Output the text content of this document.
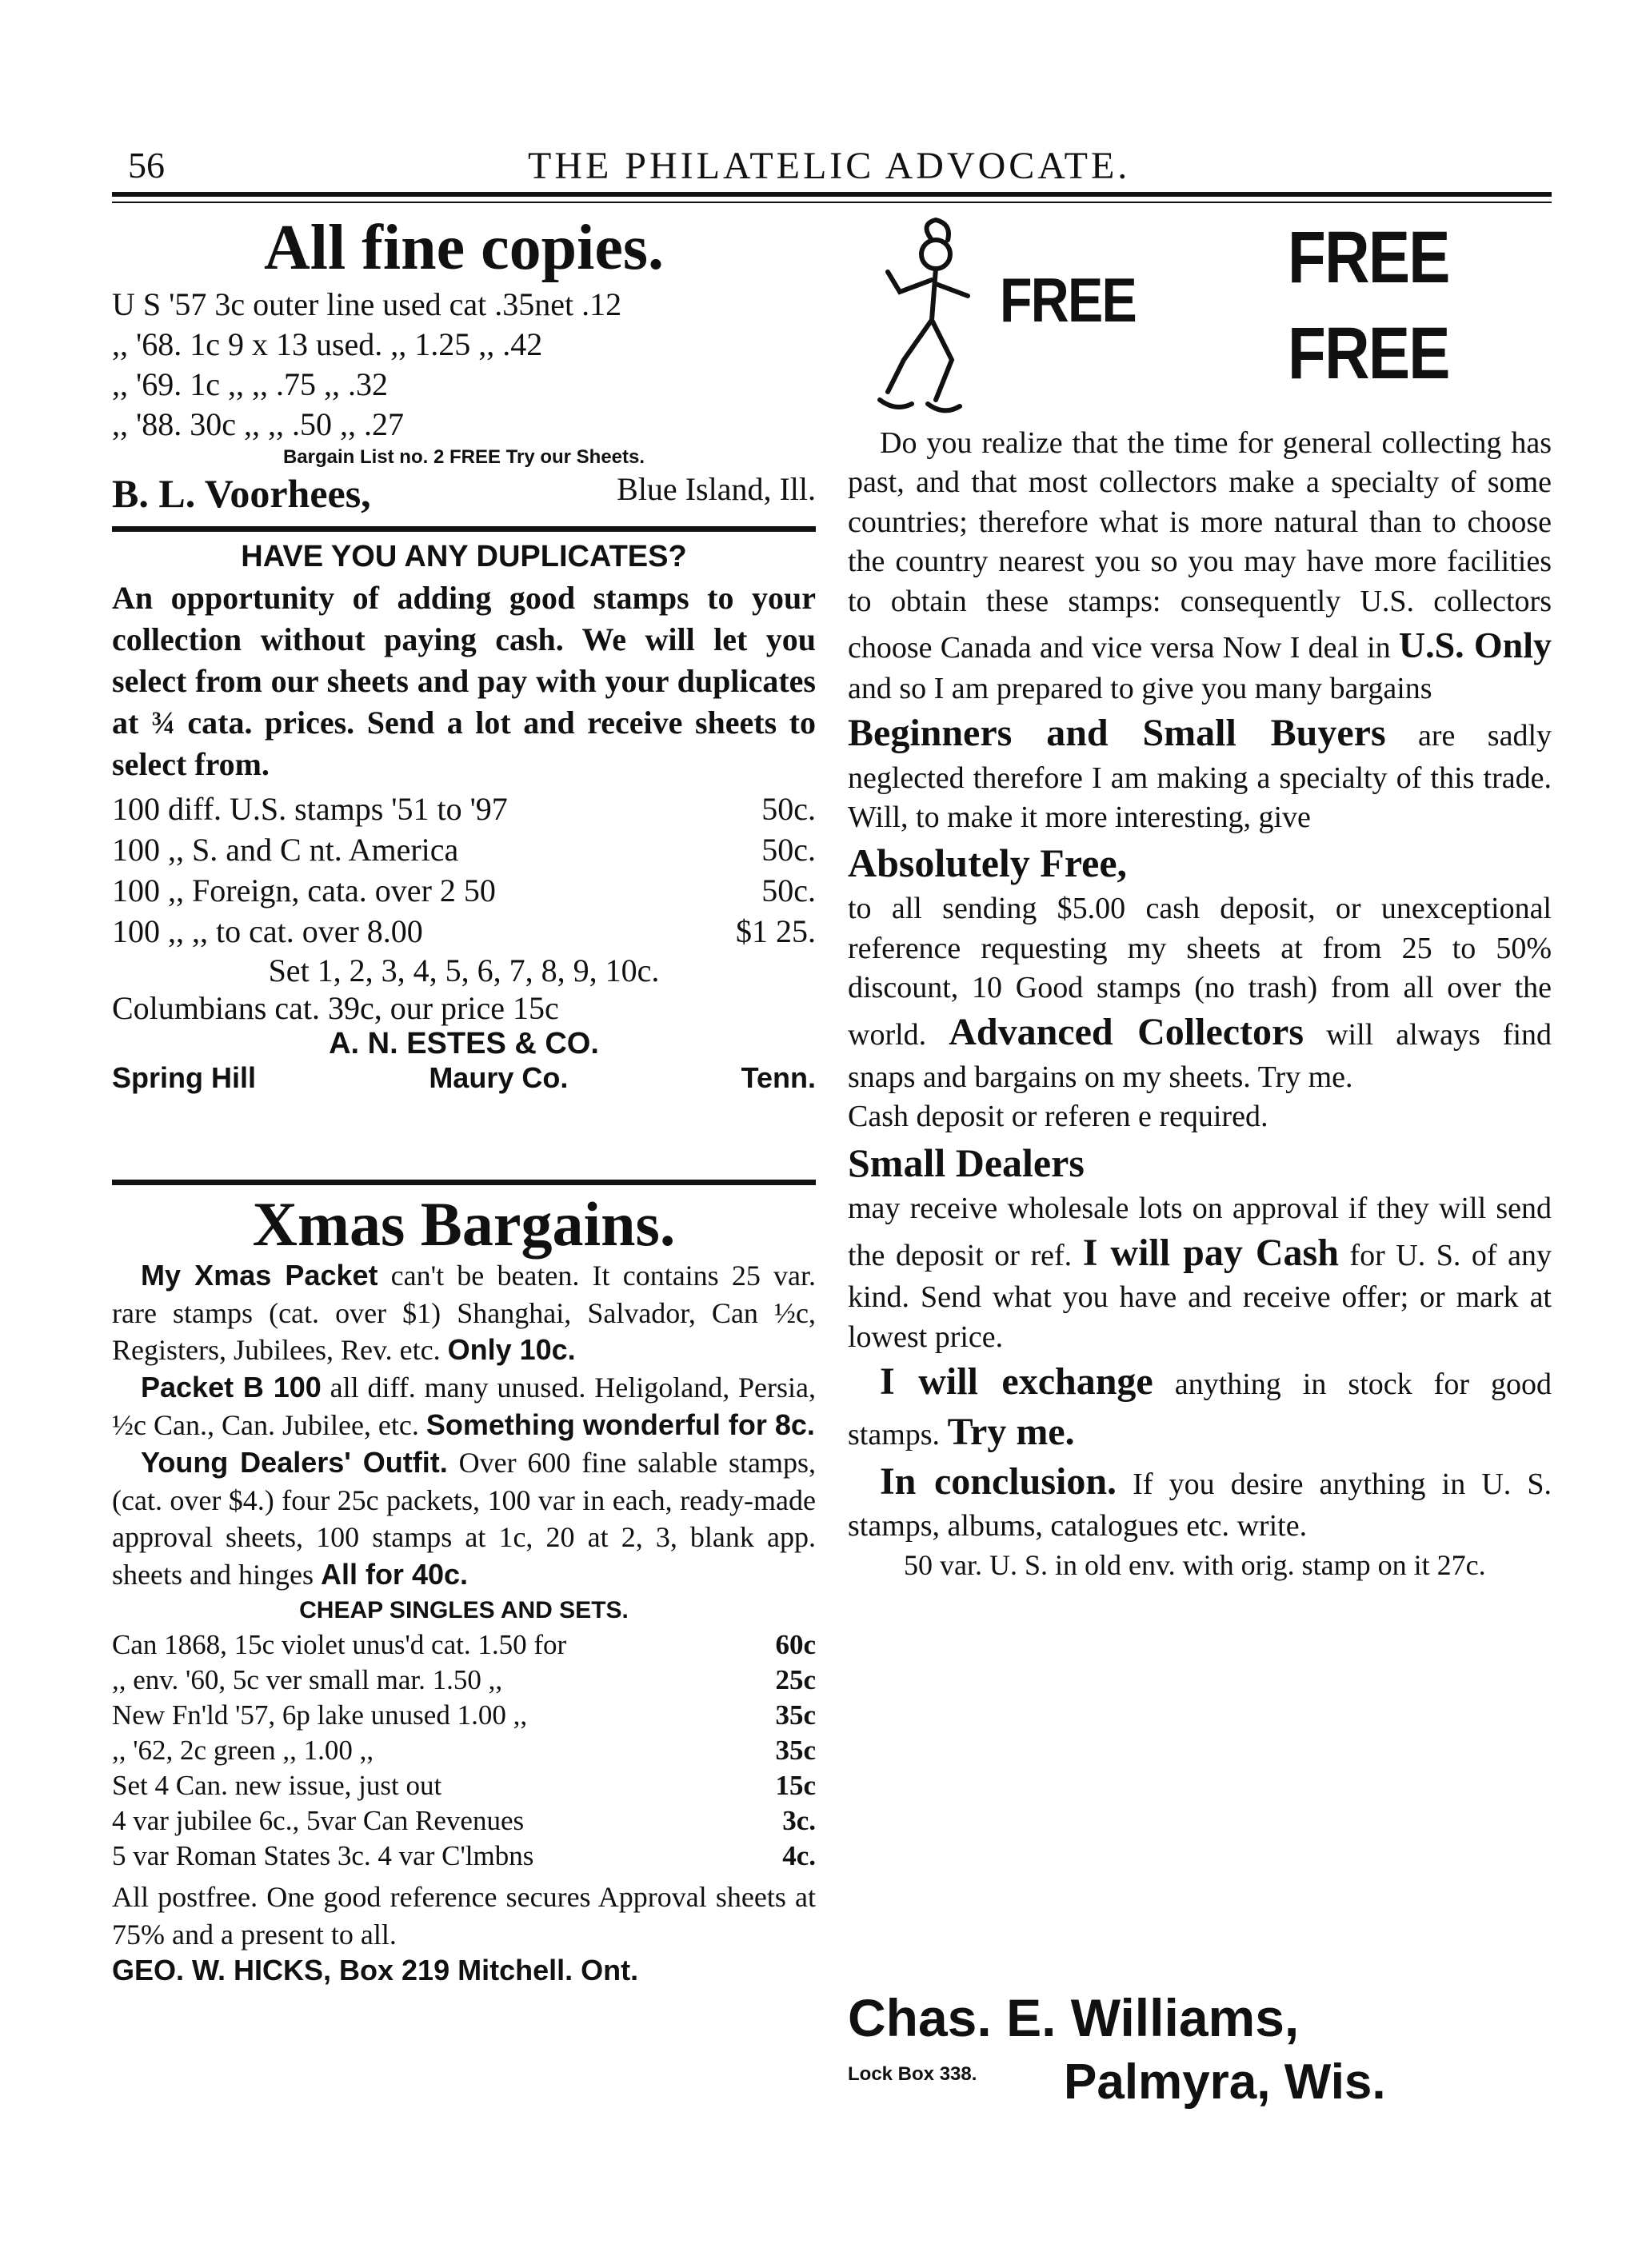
56	THE PHILATELIC ADVOCATE.
All fine copies.
U S '57 3c outer line used cat .35net .12
,, '68. 1c 9 x 13 used. ,, 1.25 ,, .42
,, '69. 1c ,, ,, .75 ,, .32
,, '88. 30c ,, ,, .50 ,, .27
Bargain List no. 2 FREE Try our Sheets.
B. L. Voorhees,	Blue Island, Ill.
HAVE YOU ANY DUPLICATES?

An opportunity of adding good stamps to your collection without paying cash. We will let you select from our sheets and pay with your duplicates at ¾ cata. prices. Send a lot and receive sheets to select from.

100 diff. U.S. stamps '51 to '97	50c.
100 ,, S. and C nt. America	50c.
100 ,, Foreign, cata. over 2 50	50c.
100 ,, ,, to cat. over 8.00	$1 25.
Set 1, 2, 3, 4, 5, 6, 7, 8, 9, 10c.
Columbians cat. 39c, our price 15c
A. N. ESTES & CO.
Spring Hill	Maury Co.	Tenn.
Xmas Bargains.

My Xmas Packet can't be beaten. It contains 25 var. rare stamps (cat. over $1) Shanghai, Salvador, Can ½c, Registers, Jubilees, Rev. etc. Only 10c.

Packet B 100 all diff. many unused. Heligoland, Persia, ½c Can., Can. Jubilee, etc. Something wonderful for 8c.

Young Dealers' Outfit. Over 600 fine salable stamps, (cat. over $4.) four 25c packets, 100 var in each, ready-made approval sheets, 100 stamps at 1c, 20 at 2, 3, blank app. sheets and hinges All for 40c.

CHEAP SINGLES AND SETS.
Can 1868, 15c violet unus'd cat. 1.50 for	60c
,, env. '60, 5c ver small mar. 1.50 ,,	25c
New Fn'ld '57, 6p lake unused 1.00 ,,	35c
,, '62, 2c green ,, 1.00 ,,	35c
Set 4 Can. new issue, just out	15c
4 var jubilee 6c., 5var Can Revenues	3c.
5 var Roman States 3c. 4 var C'lmbns	4c.

All postfree. One good reference secures Approval sheets at 75% and a present to all.

GEO. W. HICKS, Box 219 Mitchell. Ont.
FREE
FREE
FREE

Do you realize that the time for general collecting has past, and that most collectors make a specialty of some countries; therefore what is more natural than to choose the country nearest you so you may have more facilities to obtain these stamps: consequently U.S. collectors choose Canada and vice versa Now I deal in U.S. Only and so I am prepared to give you many bargains

Beginners and Small Buyers are sadly neglected therefore I am making a specialty of this trade. Will, to make it more interesting, give

Absolutely Free,

to all sending $5.00 cash deposit, or unexceptional reference requesting my sheets at from 25 to 50% discount, 10 Good stamps (no trash) from all over the world. Advanced Collectors will always find snaps and bargains on my sheets. Try me.

Cash deposit or referen e required.

Small Dealers

may receive wholesale lots on approval if they will send the deposit or ref. I will pay Cash for U. S. of any kind. Send what you have and receive offer; or mark at lowest price.

I will exchange anything in stock for good stamps. Try me.

In conclusion. If you desire anything in U. S. stamps, albums, catalogues etc. write.

50 var. U. S. in old env. with orig. stamp on it 27c.

Chas. E. Williams,
Lock Box 338. Palmyra, Wis.
